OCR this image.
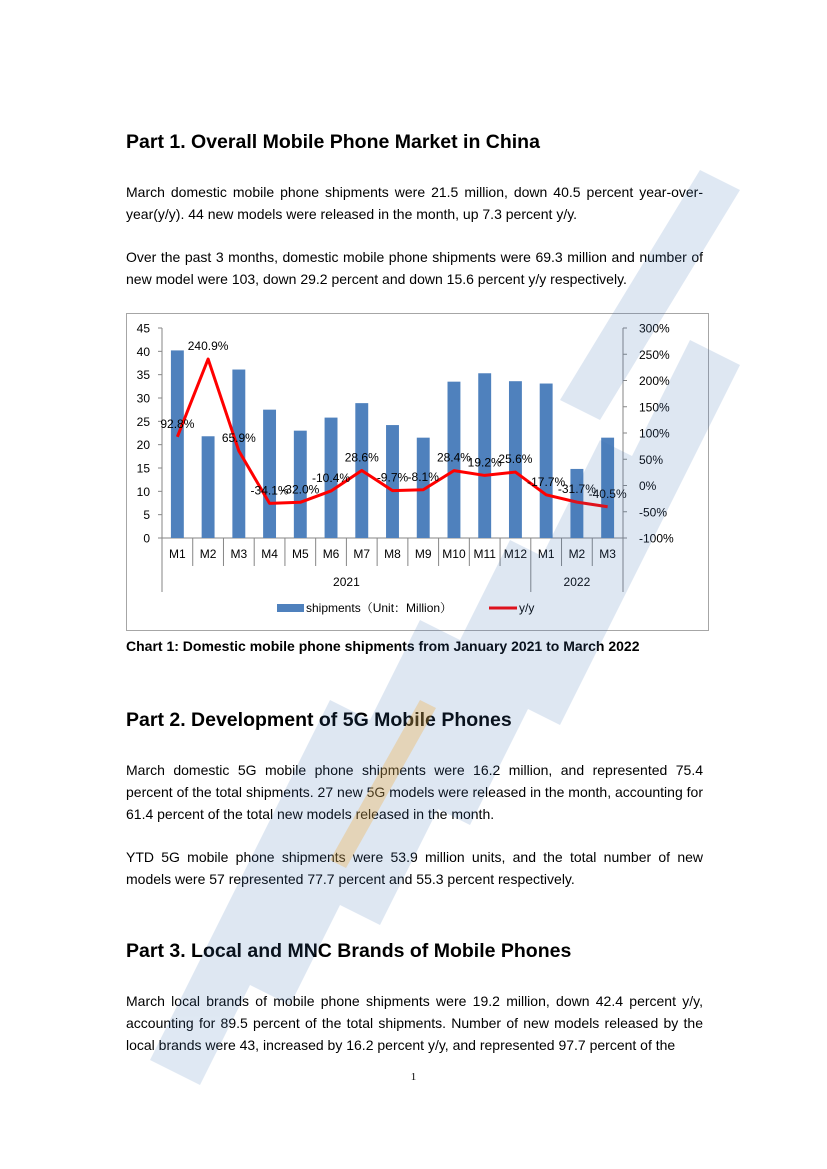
Part 1. Overall Mobile Phone Market in China

March domestic mobile phone shipments were 21.5 million, down 40.5 percent year-over-year(y/y). 44 new models were released in the month, up 7.3 percent y/y.

Over the past 3 months, domestic mobile phone shipments were 69.3 million and number of new model were 103, down 29.2 percent and down 15.6 percent y/y respectively.

0
5
10
15
20
25
30
35
40
45
-100%
-50%
0%
50%
100%
150%
200%
250%
300%
M1 M2 M3 M4 M5 M6 M7 M8 M9 M10 M11 M12 M1 M2 M3
2021	2022
92.8%
240.9%
65.9%
-34.1%
-32.0%
-10.4%
28.6%
-9.7% -8.1%
28.4%
19.2%
25.6%
-17.7%
-31.7%
-40.5%
shipments（Unit：Million）	y/y

Chart 1: Domestic mobile phone shipments from January 2021 to March 2022

Part 2. Development of 5G Mobile Phones

March domestic 5G mobile phone shipments were 16.2 million, and represented 75.4 percent of the total shipments. 27 new 5G models were released in the month, accounting for 61.4 percent of the total new models released in the month.

YTD 5G mobile phone shipments were 53.9 million units, and the total number of new models were 57 represented 77.7 percent and 55.3 percent respectively.

Part 3. Local and MNC Brands of Mobile Phones

March local brands of mobile phone shipments were 19.2 million, down 42.4 percent y/y, accounting for 89.5 percent of the total shipments. Number of new models released by the local brands were 43, increased by 16.2 percent y/y, and represented 97.7 percent of the

1
